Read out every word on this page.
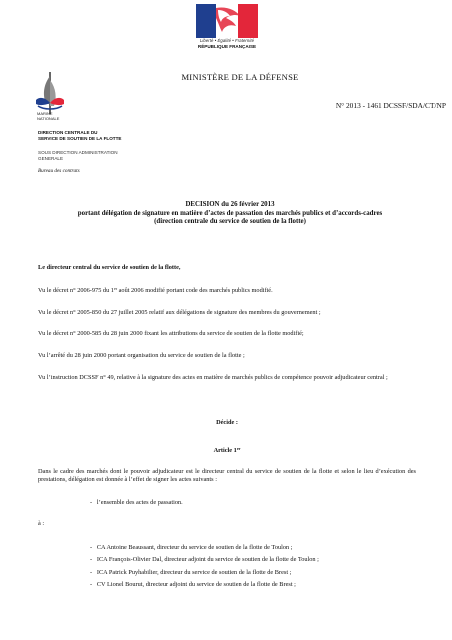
Liberté • Égalité • Fraternité
RÉPUBLIQUE FRANÇAISE
MINISTÈRE DE LA DÉFENSE
MARINE
NATIONALE
N° 2013 - 1461 DCSSF/SDA/CT/NP
DIRECTION CENTRALE DU
SERVICE DE SOUTIEN DE LA FLOTTE
SOUS DIRECTION ADMINISTRATION
GENERALE
Bureau des contrats
DECISION du 26 février 2013
portant délégation de signature en matière d’actes de passation des marchés publics et d’accords-cadres
(direction centrale du service de soutien de la flotte)
Le directeur central du service de soutien de la flotte,
Vu le décret n° 2006-975 du 1er août 2006 modifié portant code des marchés publics modifié.
Vu le décret n° 2005-850 du 27 juillet 2005 relatif aux délégations de signature des membres du gouvernement ;
Vu le décret n° 2000-585 du 28 juin 2000 fixant les attributions du service de soutien de la flotte modifié;
Vu l’arrêté du 28 juin 2000 portant organisation du service de soutien de la flotte ;
Vu l’instruction DCSSF n° 49, relative à la signature des actes en matière de marchés publics de compétence pouvoir adjudicateur central ;
Décide :
Article 1er
Dans le cadre des marchés dont le pouvoir adjudicateur est le directeur central du service de soutien de la flotte et selon le lieu d’exécution des prestations, délégation est donnée à l’effet de signer les actes suivants :
- l’ensemble des actes de passation.
à :
- CA Antoine Beaussant, directeur du service de soutien de la flotte de Toulon ;
- ICA François-Olivier Dal, directeur adjoint du service de soutien de la flotte de Toulon ;
- ICA Patrick Puyhabilier, directeur du service de soutien de la flotte de Brest ;
- CV Lionel Bourut, directeur adjoint du service de soutien de la flotte de Brest ;
